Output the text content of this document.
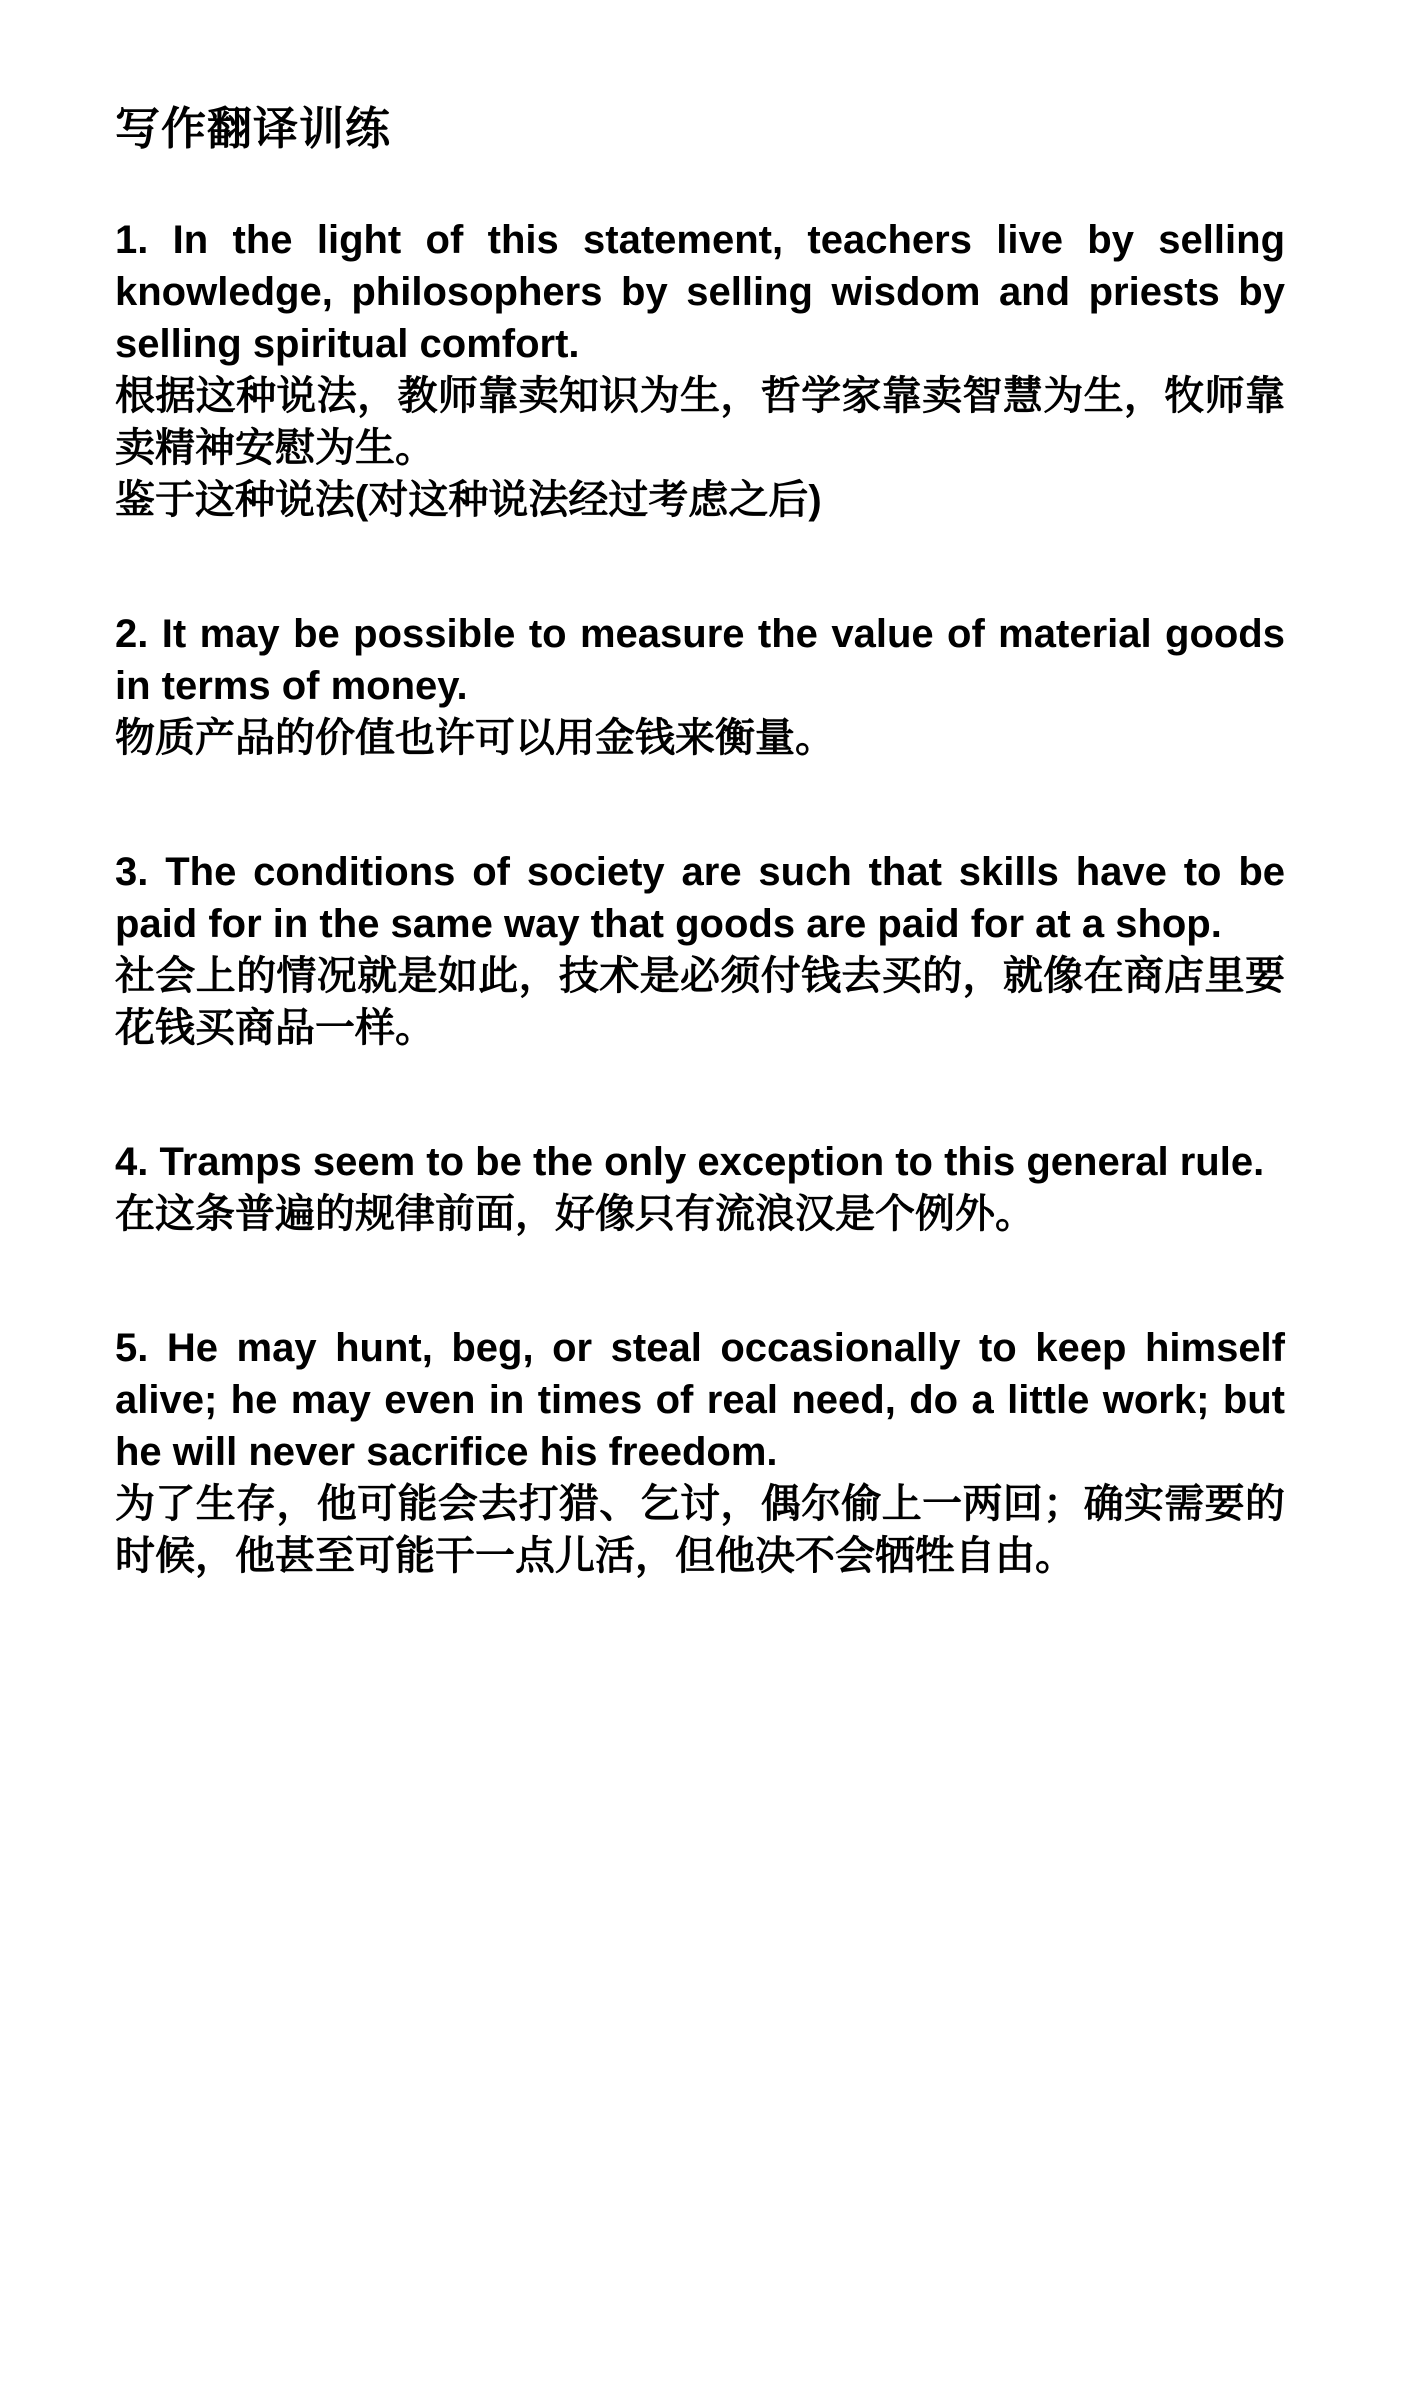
写作翻译训练

1. In the light of this statement, teachers live by selling knowledge, philosophers by selling wisdom and priests by selling spiritual comfort.

根据这种说法，教师靠卖知识为生，哲学家靠卖智慧为生，牧师靠卖精神安慰为生。

鉴于这种说法(对这种说法经过考虑之后)

2. It may be possible to measure the value of material goods in terms of money.

物质产品的价值也许可以用金钱来衡量。

3. The conditions of society are such that skills have to be paid for in the same way that goods are paid for at a shop.

社会上的情况就是如此，技术是必须付钱去买的，就像在商店里要花钱买商品一样。

4. Tramps seem to be the only exception to this general rule.

在这条普遍的规律前面，好像只有流浪汉是个例外。

5. He may hunt, beg, or steal occasionally to keep himself alive; he may even in times of real need, do a little work; but he will never sacrifice his freedom.

为了生存，他可能会去打猎、乞讨，偶尔偷上一两回；确实需要的时候，他甚至可能干一点儿活，但他决不会牺牲自由。
